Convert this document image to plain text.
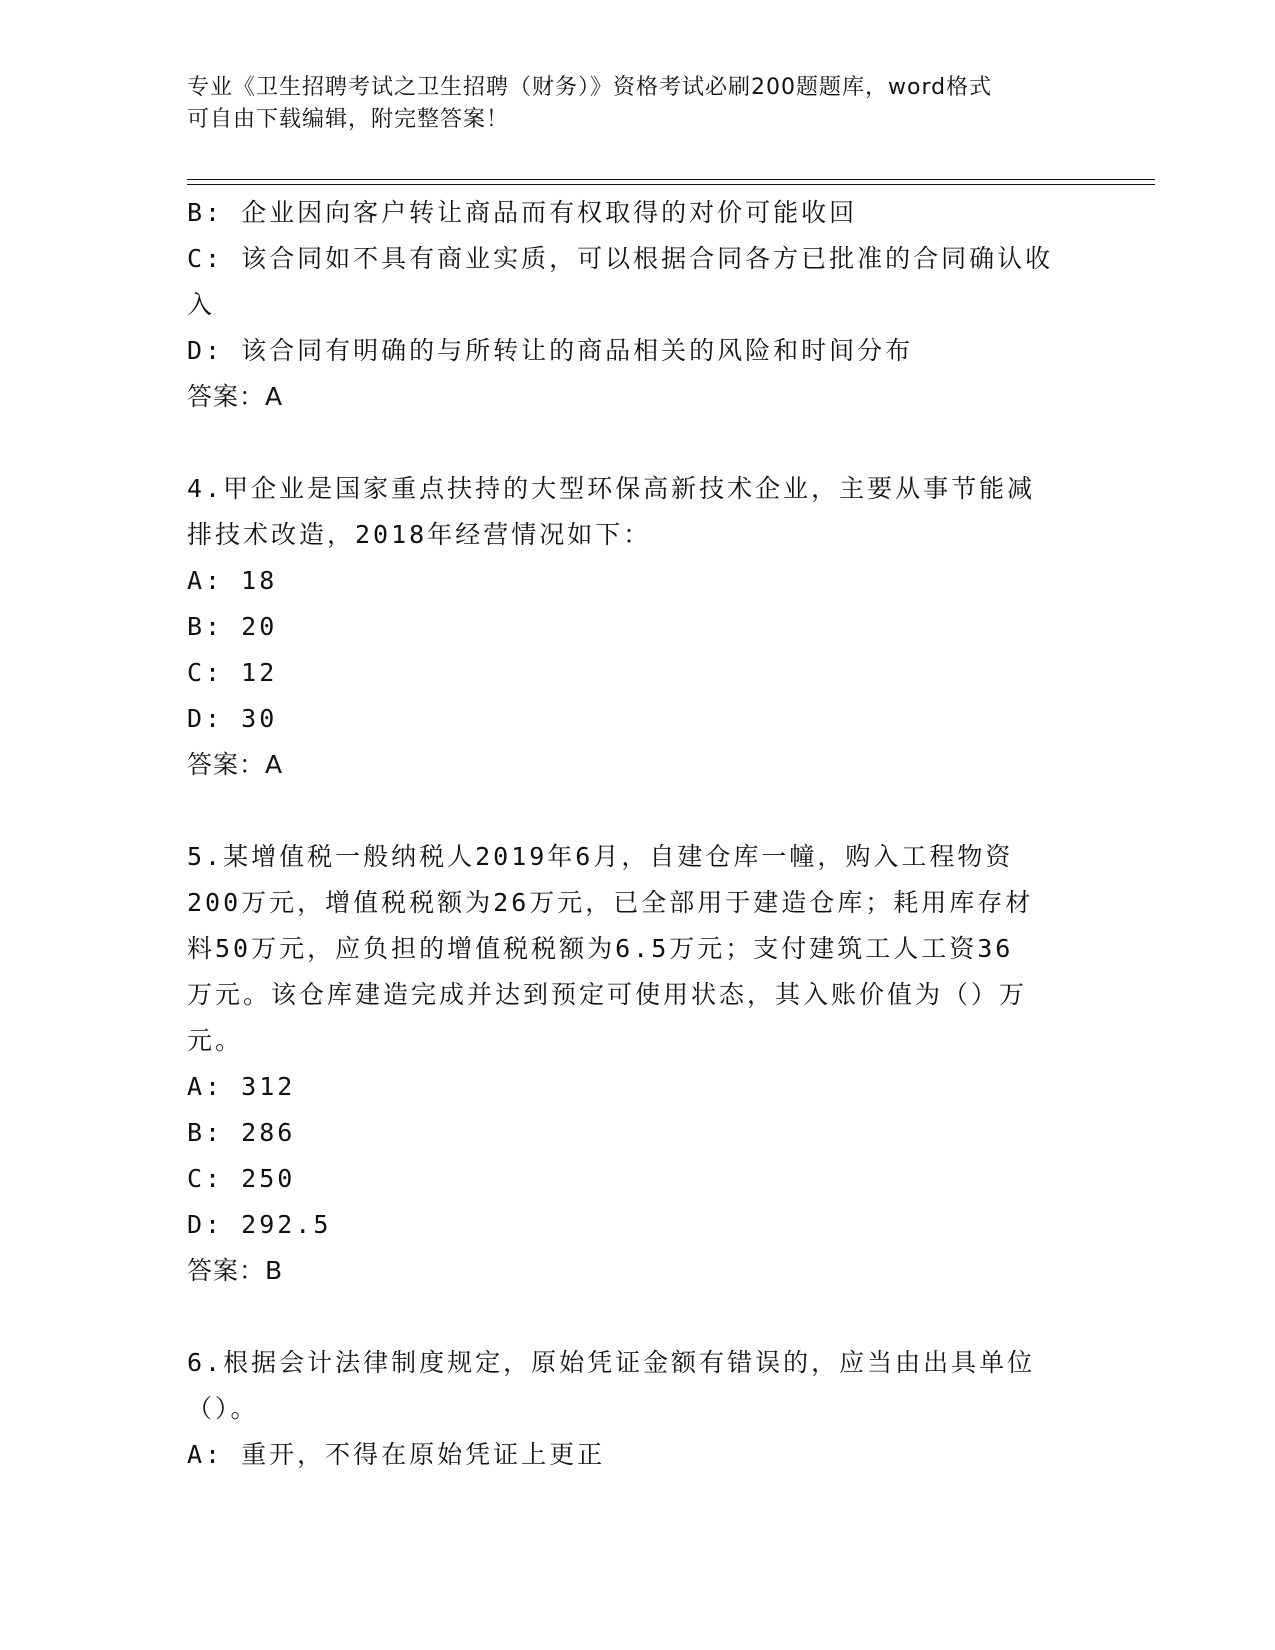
专业《卫生招聘考试之卫生招聘（财务）》资格考试必刷200题题库，word格式
可自由下载编辑，附完整答案！
B: 企业因向客户转让商品而有权取得的对价可能收回
C: 该合同如不具有商业实质，可以根据合同各方已批准的合同确认收
入
D: 该合同有明确的与所转让的商品相关的风险和时间分布
答案：A
4.甲企业是国家重点扶持的大型环保高新技术企业，主要从事节能减
排技术改造，2018年经营情况如下：
A: 18
B: 20
C: 12
D: 30
答案：A
5.某增值税一般纳税人2019年6月，自建仓库一幢，购入工程物资
200万元，增值税税额为26万元，已全部用于建造仓库；耗用库存材
料50万元，应负担的增值税税额为6.5万元；支付建筑工人工资36
万元。该仓库建造完成并达到预定可使用状态，其入账价值为（）万
元。
A: 312
B: 286
C: 250
D: 292.5
答案：B
6.根据会计法律制度规定，原始凭证金额有错误的，应当由出具单位
（）。
A: 重开，不得在原始凭证上更正
